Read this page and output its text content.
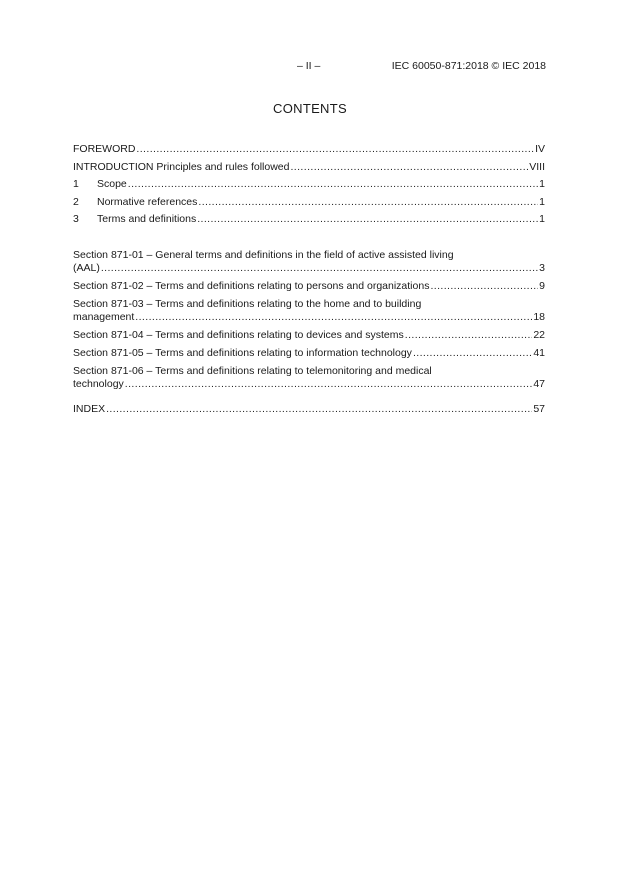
– II –	IEC 60050-871:2018 © IEC 2018
CONTENTS
FOREWORD .....	IV
INTRODUCTION Principles and rules followed .....	VIII
1	Scope .....	1
2	Normative references .....	1
3	Terms and definitions .....	1
Section 871-01 – General terms and definitions in the field of active assisted living
(AAL) .....	3
Section 871-02 – Terms and definitions relating to persons and organizations .....	9
Section 871-03 – Terms and definitions relating to the home and to building
management .....	18
Section 871-04 – Terms and definitions relating to devices and systems .....	22
Section 871-05 – Terms and definitions relating to information technology .....	41
Section 871-06 – Terms and definitions relating to telemonitoring and medical
technology .....	47
INDEX .....	57
